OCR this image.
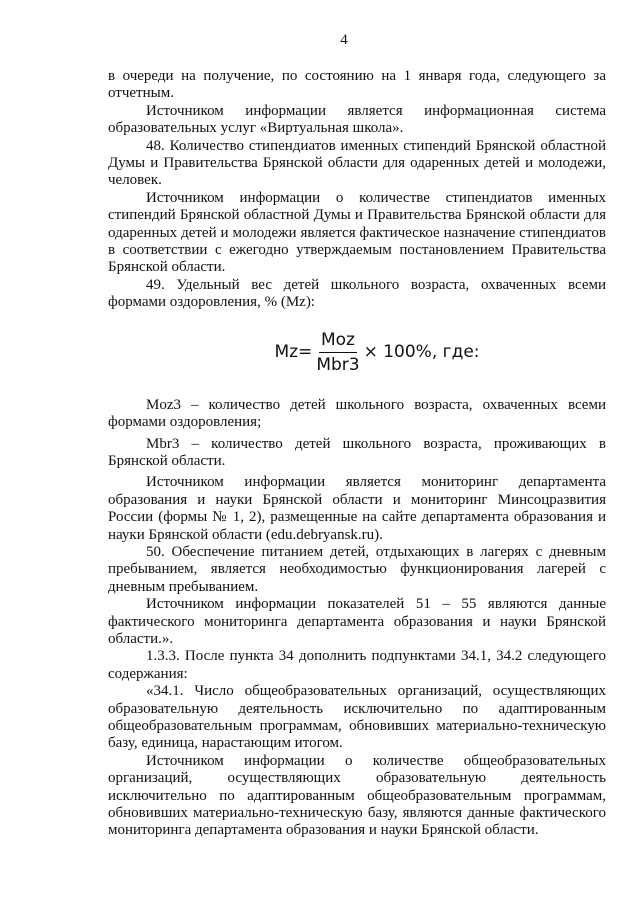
4

в очереди на получение, по состоянию на 1 января года, следующего за отчетным.

Источником информации является информационная система образовательных услуг «Виртуальная школа».

48. Количество стипендиатов именных стипендий Брянской областной Думы и Правительства Брянской области для одаренных детей и молодежи, человек.

Источником информации о количестве стипендиатов именных стипендий Брянской областной Думы и Правительства Брянской области для одаренных детей и молодежи является фактическое назначение стипендиатов в соответствии с ежегодно утверждаемым постановлением Правительства Брянской области.

49. Удельный вес детей школьного возраста, охваченных всеми формами оздоровления, % (Mz):

$Mz= \frac{\text{Moz}}{\text{Mbr3}} \times 100\%$, где:

Moz3 – количество детей школьного возраста, охваченных всеми формами оздоровления;

Mbr3 – количество детей школьного возраста, проживающих в Брянской области.

Источником информации является мониторинг департамента образования и науки Брянской области и мониторинг Минсоцразвития России (формы № 1, 2), размещенные на сайте департамента образования и науки Брянской области (edu.debryansk.ru).

50. Обеспечение питанием детей, отдыхающих в лагерях с дневным пребыванием, является необходимостью функционирования лагерей с дневным пребыванием.

Источником информации показателей 51 – 55 являются данные фактического мониторинга департамента образования и науки Брянской области.».

1.3.3. После пункта 34 дополнить подпунктами 34.1, 34.2 следующего содержания:

«34.1. Число общеобразовательных организаций, осуществляющих образовательную деятельность исключительно по адаптированным общеобразовательным программам, обновивших материально-техническую базу, единица, нарастающим итогом.

Источником информации о количестве общеобразовательных организаций, осуществляющих образовательную деятельность исключительно по адаптированным общеобразовательным программам, обновивших материально-техническую базу, являются данные фактического мониторинга департамента образования и науки Брянской области.
